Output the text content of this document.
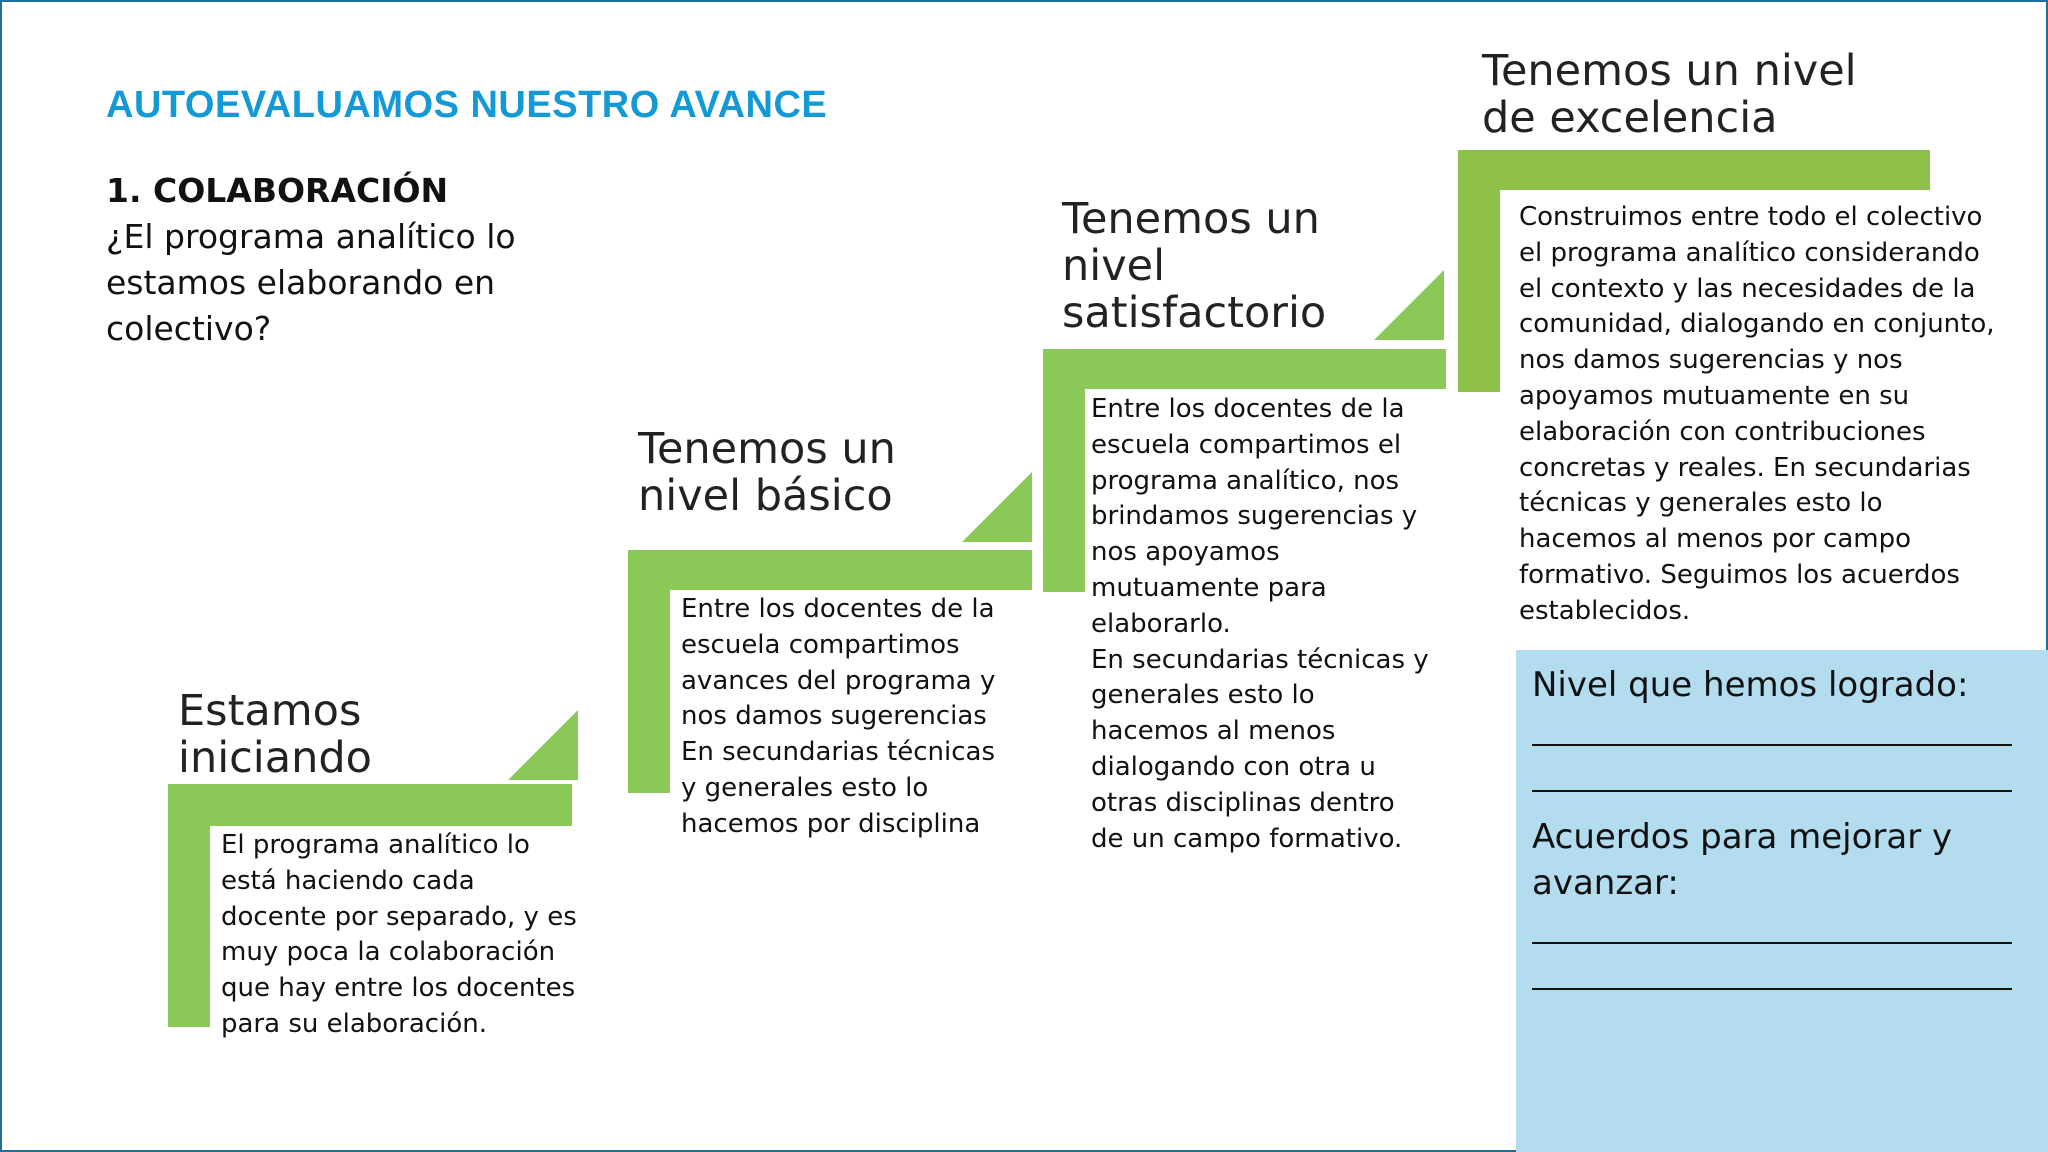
AUTOEVALUAMOS NUESTRO AVANCE
1. COLABORACIÓN
¿El programa analítico lo estamos elaborando en colectivo?
Estamos iniciando
El programa analítico lo
está haciendo cada
docente por separado, y es
muy poca la colaboración
que hay entre los docentes
para su elaboración.
Tenemos un nivel básico
Entre los docentes de la
escuela compartimos
avances del programa y
nos damos sugerencias
En secundarias técnicas
y generales esto lo
hacemos por disciplina
Tenemos un nivel satisfactorio
Entre los docentes de la
escuela compartimos el
programa analítico, nos
brindamos sugerencias y
nos apoyamos
mutuamente para
elaborarlo.
En secundarias técnicas y
generales esto lo
hacemos al menos
dialogando con otra u
otras disciplinas dentro
de un campo formativo.
Tenemos un nivel de excelencia
Construimos entre todo el colectivo
el programa analítico considerando
el contexto y las necesidades de la
comunidad, dialogando en conjunto,
nos damos sugerencias y nos
apoyamos mutuamente en su
elaboración con contribuciones
concretas y reales. En secundarias
técnicas y generales esto lo
hacemos al menos por campo
formativo. Seguimos los acuerdos
establecidos.
Nivel que hemos logrado:
Acuerdos para mejorar y avanzar:
